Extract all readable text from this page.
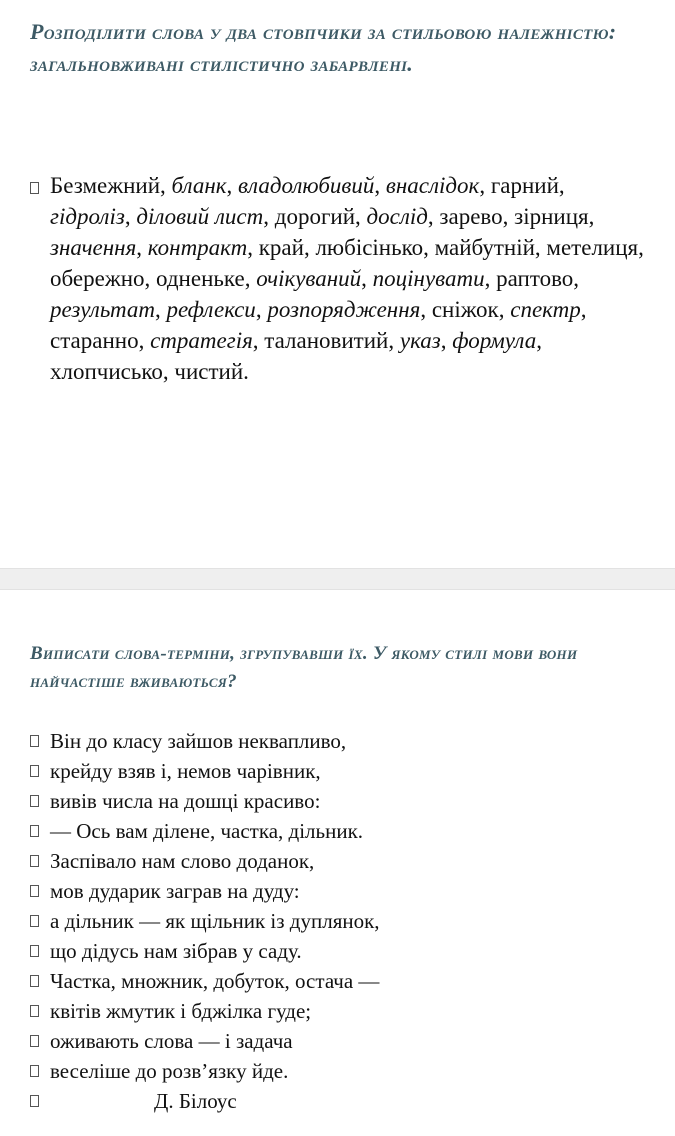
Розподілити слова у два стовпчики за стильовою належністю: загальновживані стилістично забарвлені.
Безмежний, бланк, владолюбивий, внаслідок, гарний, гідроліз, діловий лист, дорогий, дослід, зарево, зірниця, значення, контракт, край, любісінько, майбутній, метелиця, обережно, одненьке, очікуваний, поцінувати, раптово, результат, рефлекси, розпорядження, сніжок, спектр, старанно, стратегія, талановитий, указ, формула, хлопчисько, чистий.
Виписати слова-терміни, згрупувавши їх. У якому стилі мови вони найчастіше вживаються?
Він до класу зайшов неквапливо,
крейду взяв і, немов чарівник,
вивів числа на дошці красиво:
— Ось вам ділене, частка, дільник.
Заспівало нам слово доданок,
мов дударик заграв на дуду:
а дільник — як щільник із дуплянок,
що дідусь нам зібрав у саду.
Частка, множник, добуток, остача —
квітів жмутик і бджілка гуде;
оживають слова — і задача
веселіше до розв’язку йде.
Д. Білоус
